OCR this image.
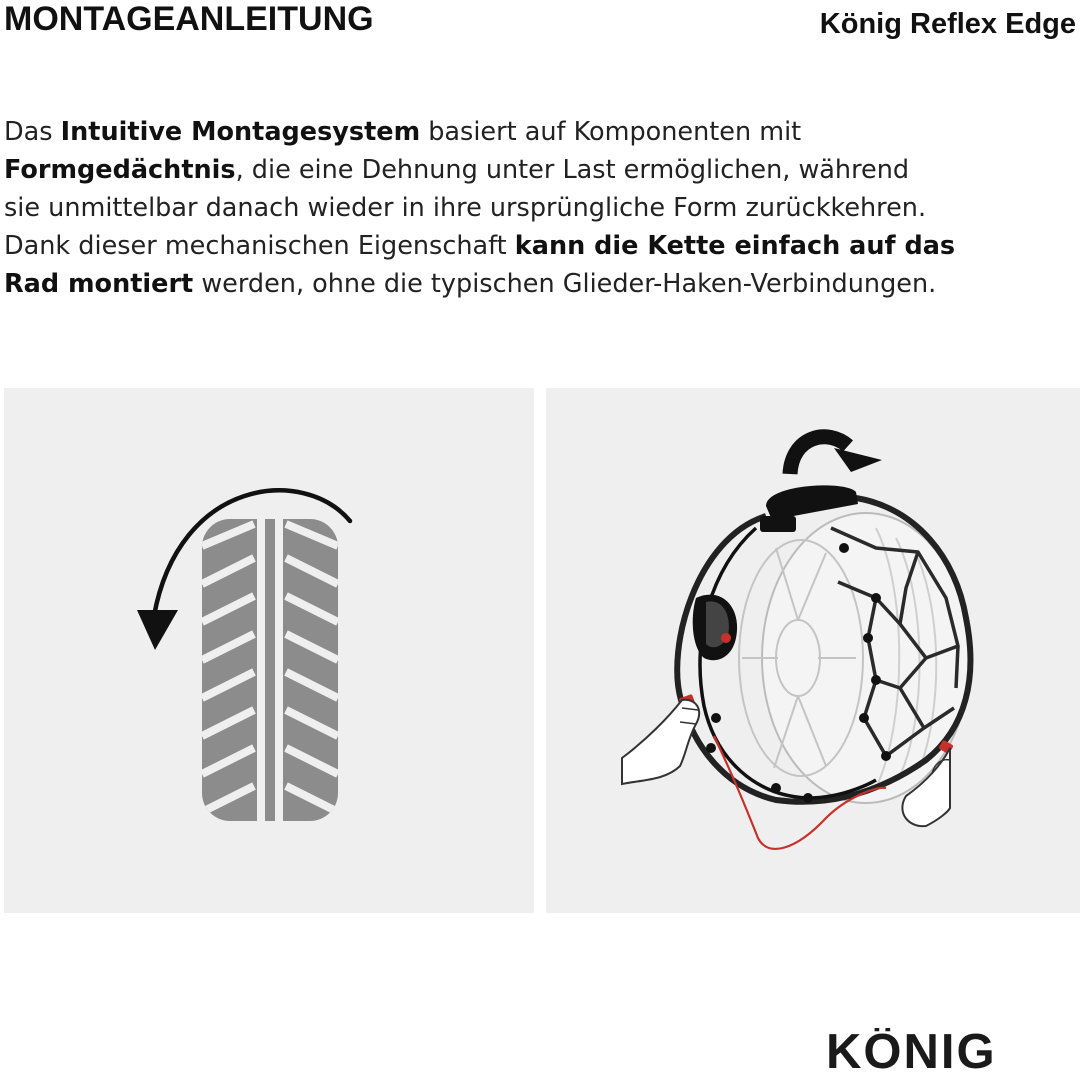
MONTAGEANLEITUNG	König Reflex Edge

Das Intuitive Montagesystem basiert auf Komponenten mit
Formgedächtnis, die eine Dehnung unter Last ermöglichen, während
sie unmittelbar danach wieder in ihre ursprüngliche Form zurückkehren.
Dank dieser mechanischen Eigenschaft kann die Kette einfach auf das
Rad montiert werden, ohne die typischen Glieder-Haken-Verbindungen.

KÖNIG
